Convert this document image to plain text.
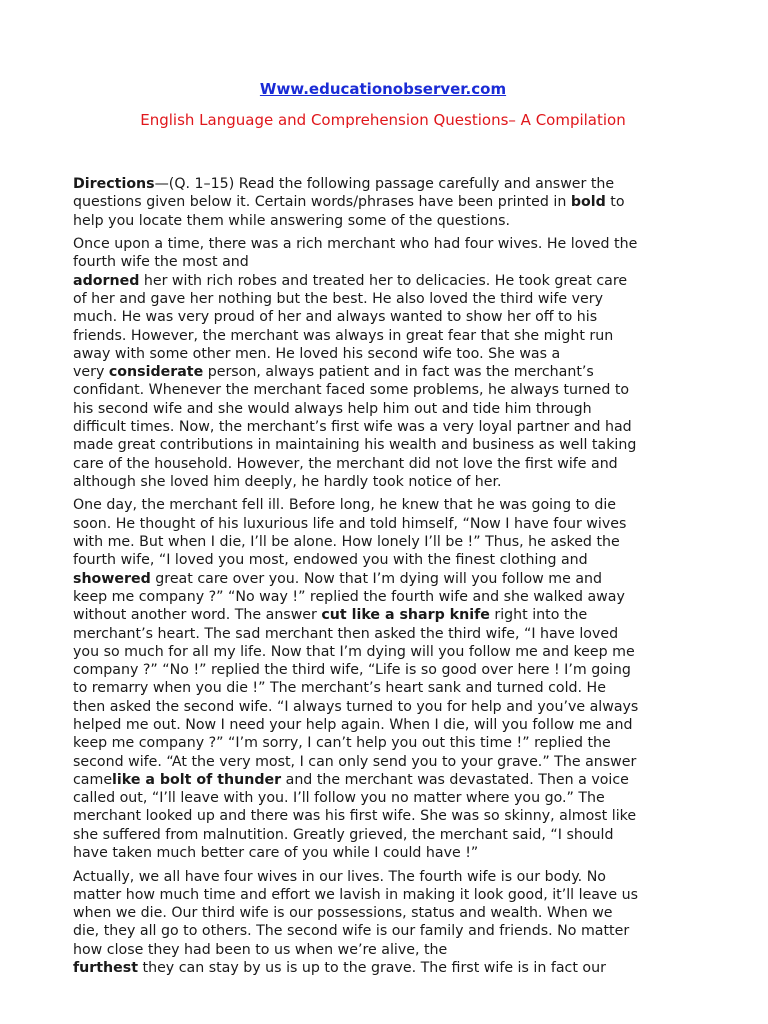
Www.educationobserver.com
English Language and Comprehension Questions– A Compilation

Directions—(Q. 1–15) Read the following passage carefully and answer the
questions given below it. Certain words/phrases have been printed in bold to
help you locate them while answering some of the questions.

Once upon a time, there was a rich merchant who had four wives. He loved the
fourth wife the most and
adorned her with rich robes and treated her to delicacies. He took great care
of her and gave her nothing but the best. He also loved the third wife very
much. He was very proud of her and always wanted to show her off to his
friends. However, the merchant was always in great fear that she might run
away with some other men. He loved his second wife too. She was a
very considerate person, always patient and in fact was the merchant’s
confidant. Whenever the merchant faced some problems, he always turned to
his second wife and she would always help him out and tide him through
difficult times. Now, the merchant’s first wife was a very loyal partner and had
made great contributions in maintaining his wealth and business as well taking
care of the household. However, the merchant did not love the first wife and
although she loved him deeply, he hardly took notice of her.

One day, the merchant fell ill. Before long, he knew that he was going to die
soon. He thought of his luxurious life and told himself, “Now I have four wives
with me. But when I die, I’ll be alone. How lonely I’ll be !” Thus, he asked the
fourth wife, “I loved you most, endowed you with the finest clothing and
showered great care over you. Now that I’m dying will you follow me and
keep me company ?” “No way !” replied the fourth wife and she walked away
without another word. The answer cut like a sharp knife right into the
merchant’s heart. The sad merchant then asked the third wife, “I have loved
you so much for all my life. Now that I’m dying will you follow me and keep me
company ?” “No !” replied the third wife, “Life is so good over here ! I’m going
to remarry when you die !” The merchant’s heart sank and turned cold. He
then asked the second wife. “I always turned to you for help and you’ve always
helped me out. Now I need your help again. When I die, will you follow me and
keep me company ?” “I’m sorry, I can’t help you out this time !” replied the
second wife. “At the very most, I can only send you to your grave.” The answer
camelike a bolt of thunder and the merchant was devastated. Then a voice
called out, “I’ll leave with you. I’ll follow you no matter where you go.” The
merchant looked up and there was his first wife. She was so skinny, almost like
she suffered from malnutition. Greatly grieved, the merchant said, “I should
have taken much better care of you while I could have !”

Actually, we all have four wives in our lives. The fourth wife is our body. No
matter how much time and effort we lavish in making it look good, it’ll leave us
when we die. Our third wife is our possessions, status and wealth. When we
die, they all go to others. The second wife is our family and friends. No matter
how close they had been to us when we’re alive, the
furthest they can stay by us is up to the grave. The first wife is in fact our
